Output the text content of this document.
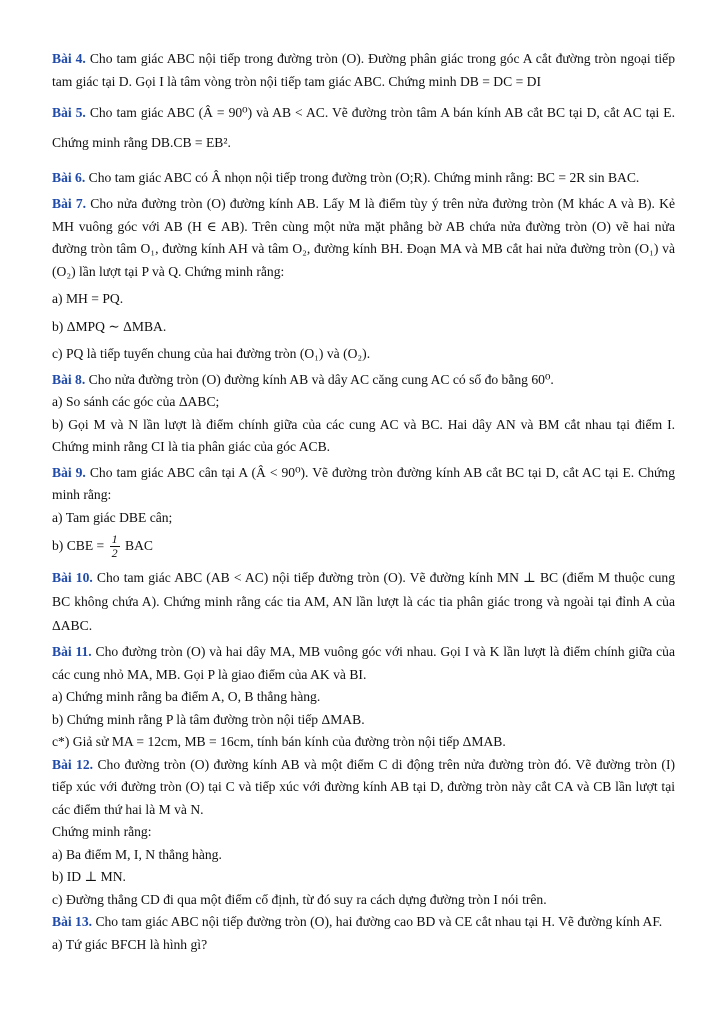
Bài 4. Cho tam giác ABC nội tiếp trong đường tròn (O). Đường phân giác trong góc A cắt đường tròn ngoại tiếp tam giác tại D. Gọi I là tâm vòng tròn nội tiếp tam giác ABC. Chứng minh DB = DC = DI

Bài 5. Cho tam giác ABC (Â = 90⁰) và AB < AC. Vẽ đường tròn tâm A bán kính AB cắt BC tại D, cắt AC tại E. Chứng minh rằng DB.CB = EB².

Bài 6. Cho tam giác ABC có Â nhọn nội tiếp trong đường tròn (O;R). Chứng minh rằng: BC = 2R sin BAC.

Bài 7. Cho nửa đường tròn (O) đường kính AB. Lấy M là điểm tùy ý trên nửa đường tròn (M khác A và B). Kẻ MH vuông góc với AB (H ∈ AB). Trên cùng một nửa mặt phẳng bờ AB chứa nửa đường tròn (O) vẽ hai nửa đường tròn tâm O₁, đường kính AH và tâm O₂, đường kính BH. Đoạn MA và MB cắt hai nửa đường tròn (O₁) và (O₂) lần lượt tại P và Q. Chứng minh rằng:

a) MH = PQ.

b) ΔMPQ ∼ ΔMBA.

c) PQ là tiếp tuyến chung của hai đường tròn (O₁) và (O₂).

Bài 8. Cho nửa đường tròn (O) đường kính AB và dây AC căng cung AC có số đo bằng 60⁰.

a) So sánh các góc của ΔABC;

b) Gọi M và N lần lượt là điểm chính giữa của các cung AC và BC. Hai dây AN và BM cắt nhau tại điểm I. Chứng minh rằng CI là tia phân giác của góc ACB.

Bài 9. Cho tam giác ABC cân tại A (Â < 90⁰). Vẽ đường tròn đường kính AB cắt BC tại D, cắt AC tại E. Chứng minh rằng:

a) Tam giác DBE cân;

b) CBE = $\frac{1}{2}$ BAC

Bài 10. Cho tam giác ABC (AB < AC) nội tiếp đường tròn (O). Vẽ đường kính MN ⊥ BC (điểm M thuộc cung BC không chứa A). Chứng minh rằng các tia AM, AN lần lượt là các tia phân giác trong và ngoài tại đỉnh A của ΔABC.

Bài 11. Cho đường tròn (O) và hai dây MA, MB vuông góc với nhau. Gọi I và K lần lượt là điểm chính giữa của các cung nhỏ MA, MB. Gọi P là giao điểm của AK và BI.

a) Chứng minh rằng ba điểm A, O, B thẳng hàng.

b) Chứng minh rằng P là tâm đường tròn nội tiếp ΔMAB.

c*) Giả sử MA = 12cm, MB = 16cm, tính bán kính của đường tròn nội tiếp ΔMAB.

Bài 12. Cho đường tròn (O) đường kính AB và một điểm C di động trên nửa đường tròn đó. Vẽ đường tròn (I) tiếp xúc với đường tròn (O) tại C và tiếp xúc với đường kính AB tại D, đường tròn này cắt CA và CB lần lượt tại các điểm thứ hai là M và N.

Chứng minh rằng:

a) Ba điểm M, I, N thẳng hàng.

b) ID ⊥ MN.

c) Đường thẳng CD đi qua một điểm cố định, từ đó suy ra cách dựng đường tròn I nói trên.

Bài 13. Cho tam giác ABC nội tiếp đường tròn (O), hai đường cao BD và CE cắt nhau tại H. Vẽ đường kính AF.

a) Tứ giác BFCH là hình gì?
